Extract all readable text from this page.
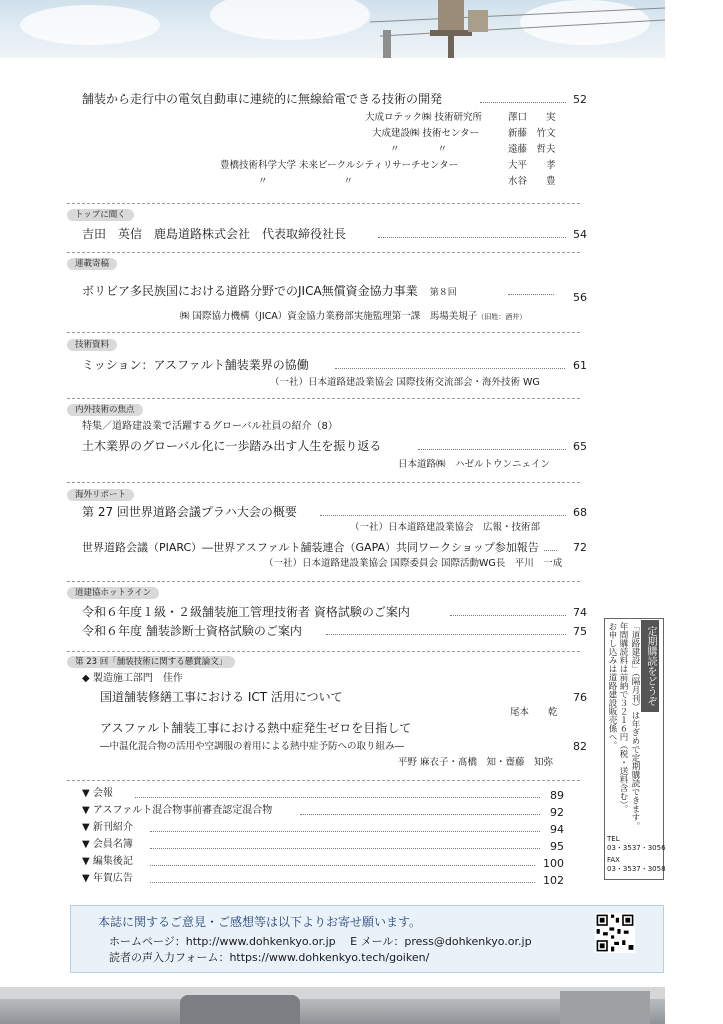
舗装から走行中の電気自動車に連続的に無線給電できる技術の開発	52
大成ロテック㈱ 技術研究所	澤口　　実
大成建設㈱ 技術センター	新藤　竹文
〃　　　　〃	遠藤　哲夫
豊橋技術科学大学 未来ビークルシティリサーチセンター	大平　　孝
〃　　　　　　　　〃	水谷　　豊
トップに聞く
吉田　英信　鹿島道路株式会社　代表取締役社長	54
連載寄稿
ボリビア多民族国における道路分野でのJICA無償資金協力事業　 第８回	56
㈱ 国際協力機構（JICA）資金協力業務部実施監理第一課　馬場美規子（旧姓：酒井）
技術資料
ミッション：アスファルト舗装業界の協働	61
（一社）日本道路建設業協会 国際技術交流部会・海外技術 WG
内外技術の焦点
特集／道路建設業で活躍するグローバル社員の紹介（8）
土木業界のグローバル化に一歩踏み出す人生を振り返る	65
日本道路㈱　ハゼルトウンニェイン
海外リポート
第 27 回世界道路会議プラハ大会の概要	68
（一社）日本道路建設業協会　広報・技術部
世界道路会議（PIARC）―世界アスファルト舗装連合（GAPA）共同ワークショップ参加報告	72
（一社）日本道路建設業協会 国際委員会 国際活動WG長　平川　一成
道建協ホットライン
令和６年度１級・２級舗装施工管理技術者 資格試験のご案内	74
令和６年度 舗装診断士資格試験のご案内	75
第 23 回「舗装技術に関する懸賞論文」
◆ 製造施工部門　佳作
国道舗装修繕工事における ICT 活用について	76
尾本　　乾
アスファルト舗装工事における熱中症発生ゼロを目指して
―中温化混合物の活用や空調服の着用による熱中症予防への取り組み―	82
平野 麻衣子・髙橋　知・齋藤　知弥
▼ 会報	89
▼ アスファルト混合物事前審査認定混合物	92
▼ 新刊紹介	94
▼ 会員名簿	95
▼ 編集後記	100
▼ 年賀広告	102
定期購読をどうぞ
「道路建設」（隔月刊）は年ぎめで定期購読できます。
年間購読料は前納で３２１６円（税・送料含む）。
お申し込みは道路建設販売係へ。
TEL
03・3537・3056
FAX
03・3537・3058
本誌に関するご意見・ご感想等は以下よりお寄せ願います。
ホームページ：http://www.dohkenkyo.or.jp　 E メール：press@dohkenkyo.or.jp
読者の声入力フォーム：https://www.dohkenkyo.tech/goiken/
